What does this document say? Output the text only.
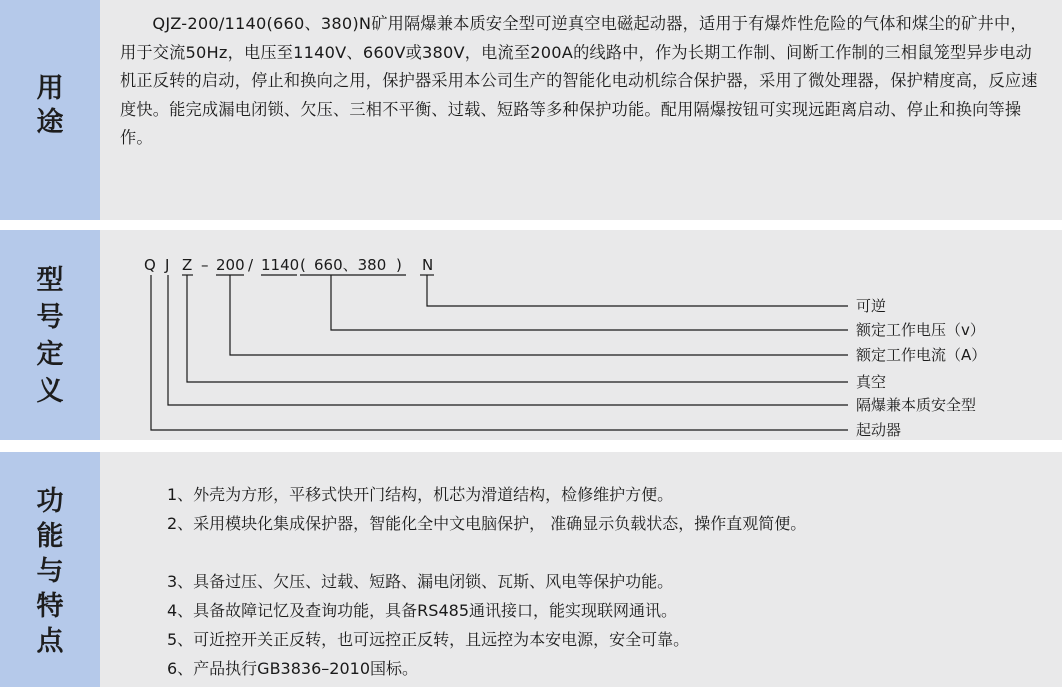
用
途

QJZ-200/1140(660、380)N矿用隔爆兼本质安全型可逆真空电磁起动器，适用于有爆炸性危险的气体和煤尘的矿井中，用于交流50Hz，电压至1140V、660V或380V，电流至200A的线路中，作为长期工作制、间断工作制的三相鼠笼型异步电动机正反转的启动，停止和换向之用，保护器采用本公司生产的智能化电动机综合保护器，采用了微处理器，保护精度高，反应速度快。能完成漏电闭锁、欠压、三相不平衡、过载、短路等多种保护功能。配用隔爆按钮可实现远距离启动、停止和换向等操作。

型
号
定
义
Q J Z – 200 / 1140 ( 660、380 ) N
可逆
额定工作电压（v）
额定工作电流（A）
真空
隔爆兼本质安全型
起动器
功
能
与
特
点
1、外壳为方形，平移式快开门结构，机芯为滑道结构，检修维护方便。
2、采用模块化集成保护器，智能化全中文电脑保护， 准确显示负载状态，操作直观简便。
3、具备过压、欠压、过载、短路、漏电闭锁、瓦斯、风电等保护功能。
4、具备故障记忆及查询功能，具备RS485通讯接口，能实现联网通讯。
5、可近控开关正反转，也可远控正反转，且远控为本安电源，安全可靠。
6、产品执行GB3836–2010国标。
